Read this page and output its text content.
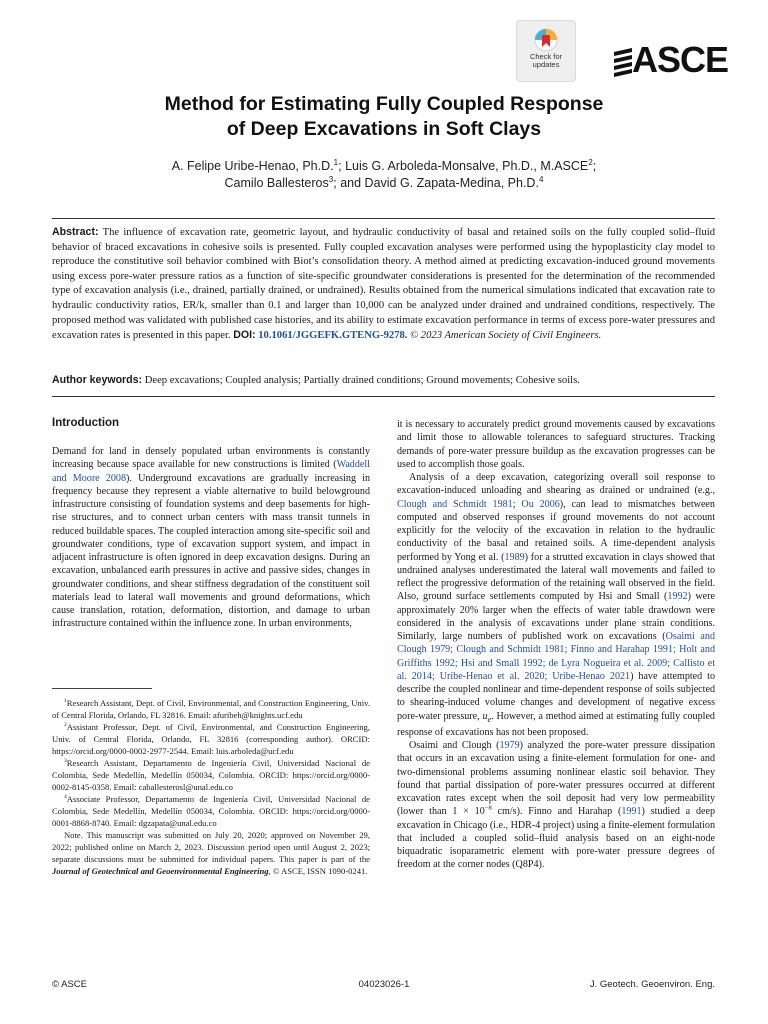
Check for
updates	ASCE
Method for Estimating Fully Coupled Response
of Deep Excavations in Soft Clays
A. Felipe Uribe-Henao, Ph.D.$^1$; Luis G. Arboleda-Monsalve, Ph.D., M.ASCE$^2$;
Camilo Ballesteros$^3$; and David G. Zapata-Medina, Ph.D.$^4$
Abstract: The influence of excavation rate, geometric layout, and hydraulic conductivity of basal and retained soils on the fully coupled solid–fluid behavior of braced excavations in cohesive soils is presented. Fully coupled excavation analyses were performed using the hypoplasticity clay model to reproduce the constitutive soil behavior combined with Biot’s consolidation theory. A method aimed at predicting excavation-induced ground movements using excess pore-water pressure ratios as a function of site-specific groundwater considerations is presented for the determination of the recommended type of excavation analysis (i.e., drained, partially drained, or undrained). Results obtained from the numerical simulations indicated that excavation rate to hydraulic conductivity ratios, ER/k, smaller than 0.1 and larger than 10,000 can be analyzed under drained and undrained conditions, respectively. The proposed method was validated with published case histories, and its ability to estimate excavation performance in terms of excess pore-water pressures and excavation rates is presented in this paper. DOI: 10.1061/JGGEFK.GTENG-9278. © 2023 American Society of Civil Engineers.
Author keywords: Deep excavations; Coupled analysis; Partially drained conditions; Ground movements; Cohesive soils.
Introduction

Demand for land in densely populated urban environments is constantly increasing because space available for new constructions is limited (Waddell and Moore 2008). Underground excavations are gradually increasing in frequency because they represent a viable alternative to build belowground infrastructure consisting of foundation systems and deep basements for high-rise structures, and to connect urban centers with mass transit tunnels in reduced buildable spaces. The coupled interaction among site-specific soil and groundwater conditions, type of excavation support system, and impact in adjacent infrastructure is often ignored in deep excavation designs. During an excavation, unbalanced earth pressures in active and passive sides, changes in groundwater conditions, and shear stiffness degradation of the constituent soil materials lead to lateral wall movements and ground deformations, which cause translation, rotation, deformation, distortion, and damage to urban infrastructure contained within the influence zone. In urban environments,

it is necessary to accurately predict ground movements caused by excavations and limit those to allowable tolerances to safeguard structures. Tracking demands of pore-water pressure buildup as the excavation progresses can be used to accomplish those goals.

Analysis of a deep excavation, categorizing overall soil response to excavation-induced unloading and shearing as drained or undrained (e.g., Clough and Schmidt 1981; Ou 2006), can lead to mismatches between computed and observed responses if ground movements do not account explicitly for the velocity of the excavation in relation to the hydraulic conductivity of the basal and retained soils. A time-dependent analysis performed by Yong et al. (1989) for a strutted excavation in clays showed that undrained analyses underestimated the lateral wall movements and failed to reflect the progressive deformation of the retaining wall observed in the field. Also, ground surface settlements computed by Hsi and Small (1992) were approximately 20% larger when the effects of water table drawdown were considered in the analysis of excavations under plane strain conditions. Similarly, large numbers of published work on excavations (Osaimi and Clough 1979; Clough and Schmidt 1981; Finno and Harahap 1991; Holt and Griffiths 1992; Hsi and Small 1992; de Lyra Nogueira et al. 2009; Callisto et al. 2014; Uribe-Henao et al. 2020; Uribe-Henao 2021) have attempted to describe the coupled nonlinear and time-dependent response of soils subjected to shearing-induced volume changes and development of negative excess pore-water pressure, $u_e$. However, a method aimed at estimating fully coupled response of excavations has not been proposed.

Osaimi and Clough (1979) analyzed the pore-water pressure dissipation that occurs in an excavation using a finite-element formulation for one- and two-dimensional problems assuming nonlinear elastic soil behavior. They found that partial dissipation of pore-water pressures occurred at different excavation rates except when the soil deposit had very low permeability (lower than $1 \times 10^{-8}$ cm/s). Finno and Harahap (1991) studied a deep excavation in Chicago (i.e., HDR-4 project) using a finite-element formulation that included a coupled solid–fluid analysis based on an eight-node biquadratic isoparametric element with pore-water pressure degrees of freedom at the corner nodes (Q8P4).

$^1$Research Assistant, Dept. of Civil, Environmental, and Construction Engineering, Univ. of Central Florida, Orlando, FL 32816. Email: afuribeh@knights.ucf.edu

$^2$Assistant Professor, Dept. of Civil, Environmental, and Construction Engineering, Univ. of Central Florida, Orlando, FL 32816 (corresponding author). ORCID: https://orcid.org/0000-0002-2977-2544. Email: luis.arboleda@ucf.edu

$^3$Research Assistant, Departamento de Ingeniería Civil, Universidad Nacional de Colombia, Sede Medellín, Medellín 050034, Colombia. ORCID: https://orcid.org/0000-0002-8145-0358. Email: caballesterosl@unal.edu.co

$^4$Associate Professor, Departamento de Ingeniería Civil, Universidad Nacional de Colombia, Sede Medellín, Medellín 050034, Colombia. ORCID: https://orcid.org/0000-0001-8868-8740. Email: dgzapata@unal.edu.co

Note. This manuscript was submitted on July 20, 2020; approved on November 29, 2022; published online on March 2, 2023. Discussion period open until August 2, 2023; separate discussions must be submitted for individual papers. This paper is part of the Journal of Geotechnical and Geoenvironmental Engineering, © ASCE, ISSN 1090-0241.

© ASCE	04023026-1	J. Geotech. Geoenviron. Eng.
